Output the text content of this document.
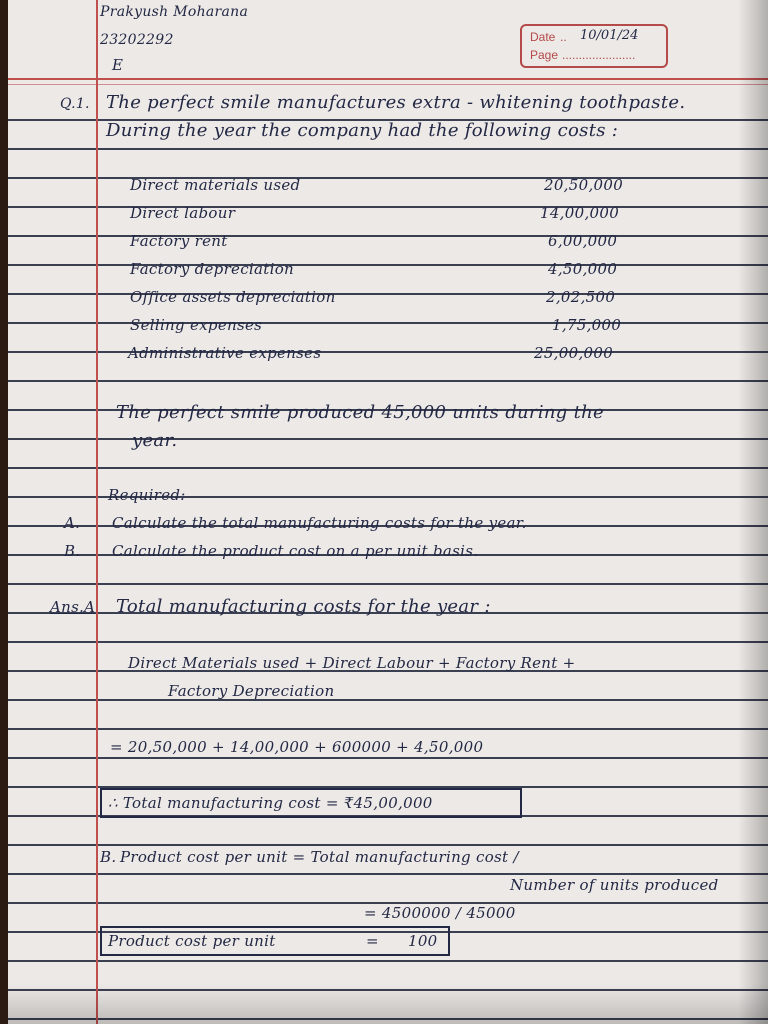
Prakyush Moharana
23202292
E
Date .. 10/01/24
Page ......................
Q.1. The perfect smile manufactures extra - whitening toothpaste.
During the year the company had the following costs :
Direct materials used	20,50,000
Direct labour	14,00,000
Factory rent	6,00,000
Factory depreciation	4,50,000
Office assets depreciation	2,02,500
Selling expenses	1,75,000
Administrative expenses	25,00,000
The perfect smile produced 45,000 units during the
year.
Required:
A. Calculate the total manufacturing costs for the year.
B. Calculate the product cost on a per unit basis.
Ans.A Total manufacturing costs for the year :
Direct Materials used + Direct Labour + Factory Rent +
Factory Depreciation
= 20,50,000 + 14,00,000 + 600000 + 4,50,000
∴ Total manufacturing cost = ₹45,00,000
B. Product cost per unit = Total manufacturing cost /
Number of units produced
= 4500000 / 45000
Product cost per unit	= 100
